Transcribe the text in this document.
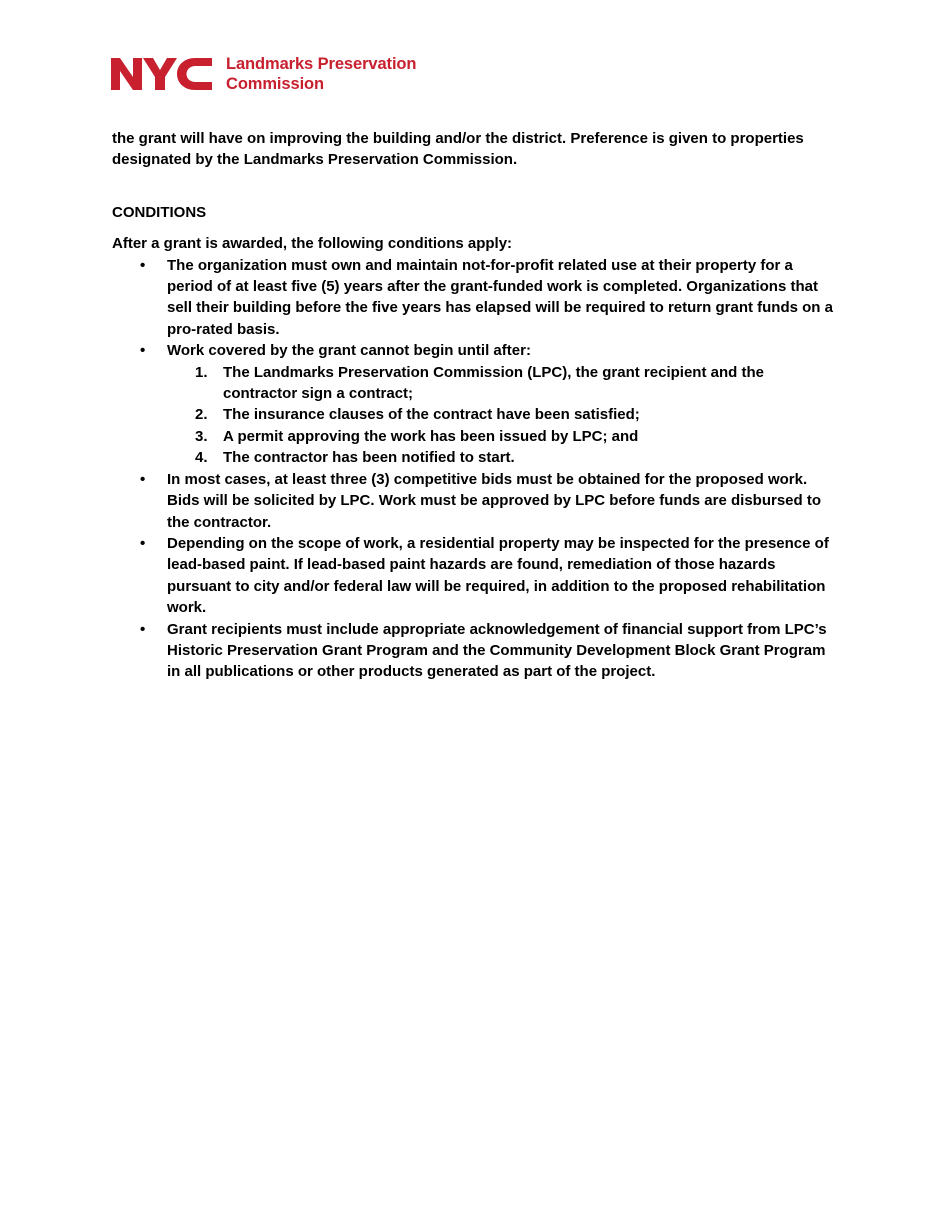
Landmarks Preservation
Commission

the grant will have on improving the building and/or the district. Preference is given to properties designated by the Landmarks Preservation Commission.

CONDITIONS

After a grant is awarded, the following conditions apply:

• The organization must own and maintain not-for-profit related use at their property for a period of at least five (5) years after the grant-funded work is completed. Organizations that sell their building before the five years has elapsed will be required to return grant funds on a pro-rated basis.
• Work covered by the grant cannot begin until after:
1. The Landmarks Preservation Commission (LPC), the grant recipient and the contractor sign a contract;
2. The insurance clauses of the contract have been satisfied;
3. A permit approving the work has been issued by LPC; and
4. The contractor has been notified to start.
• In most cases, at least three (3) competitive bids must be obtained for the proposed work. Bids will be solicited by LPC. Work must be approved by LPC before funds are disbursed to the contractor.
• Depending on the scope of work, a residential property may be inspected for the presence of lead-based paint. If lead-based paint hazards are found, remediation of those hazards pursuant to city and/or federal law will be required, in addition to the proposed rehabilitation work.
• Grant recipients must include appropriate acknowledgement of financial support from LPC’s Historic Preservation Grant Program and the Community Development Block Grant Program in all publications or other products generated as part of the project.
